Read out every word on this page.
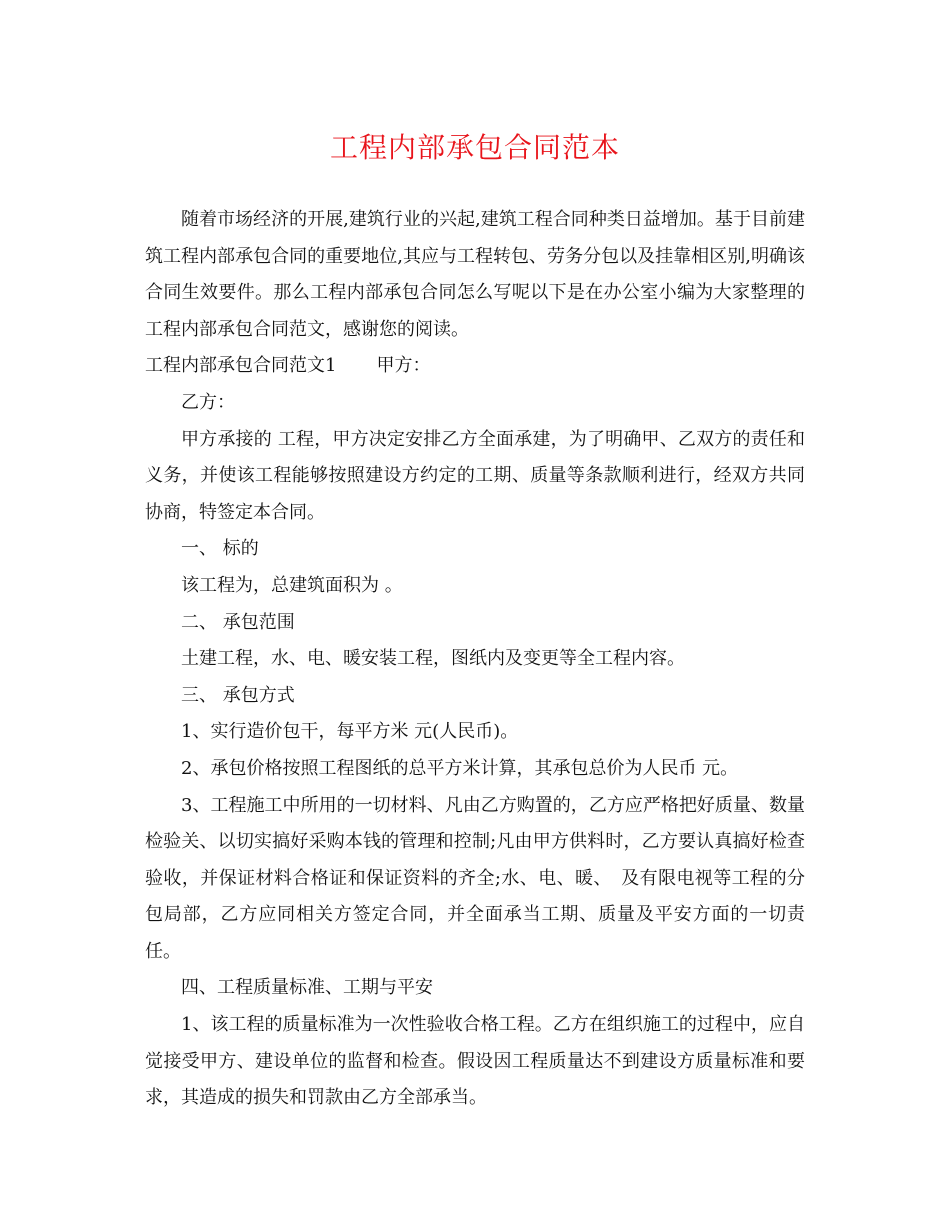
工程内部承包合同范本

随着市场经济的开展,建筑行业的兴起,建筑工程合同种类日益增加。基于目前建筑工程内部承包合同的重要地位,其应与工程转包、劳务分包以及挂靠相区别,明确该合同生效要件。那么工程内部承包合同怎么写呢以下是在办公室小编为大家整理的工程内部承包合同范文，感谢您的阅读。

工程内部承包合同范文1 甲方：

乙方：

甲方承接的 工程，甲方决定安排乙方全面承建，为了明确甲、乙双方的责任和义务，并使该工程能够按照建设方约定的工期、质量等条款顺利进行，经双方共同协商，特签定本合同。

一、 标的

该工程为，总建筑面积为 。

二、 承包范围

土建工程，水、电、暖安装工程，图纸内及变更等全工程内容。

三、 承包方式

1、实行造价包干，每平方米 元(人民币)。

2、承包价格按照工程图纸的总平方米计算，其承包总价为人民币 元。

3、工程施工中所用的一切材料、凡由乙方购置的，乙方应严格把好质量、数量检验关、以切实搞好采购本钱的管理和控制;凡由甲方供料时，乙方要认真搞好检查验收，并保证材料合格证和保证资料的齐全;水、电、暖、　及有限电视等工程的分包局部，乙方应同相关方签定合同，并全面承当工期、质量及平安方面的一切责任。

四、工程质量标准、工期与平安

1、该工程的质量标准为一次性验收合格工程。乙方在组织施工的过程中，应自觉接受甲方、建设单位的监督和检查。假设因工程质量达不到建设方质量标准和要求，其造成的损失和罚款由乙方全部承当。
